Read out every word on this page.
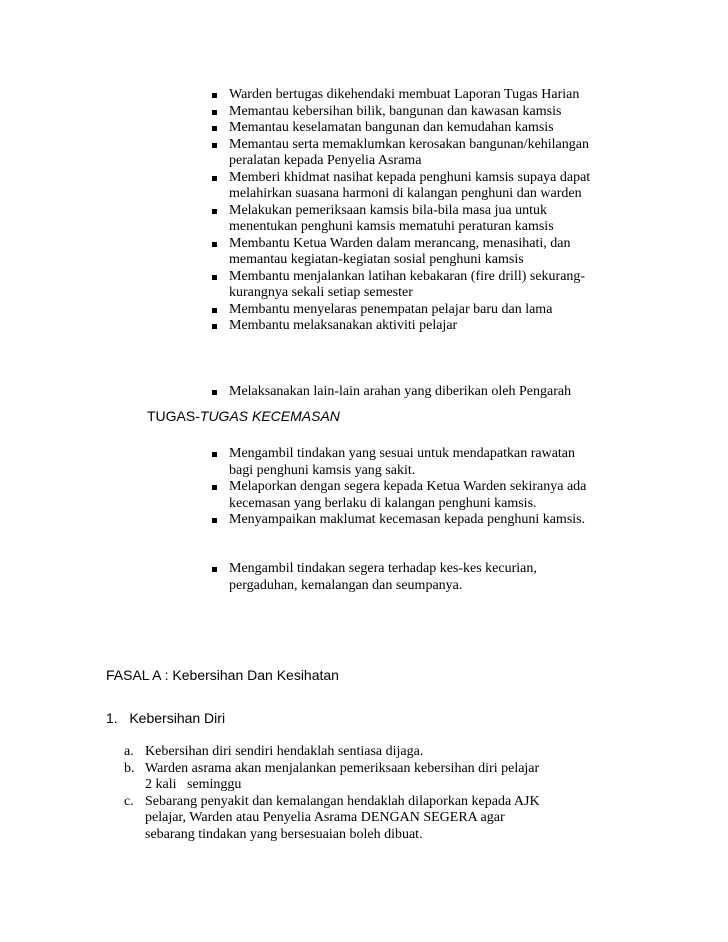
Warden bertugas dikehendaki membuat Laporan Tugas Harian
Memantau kebersihan bilik, bangunan dan kawasan kamsis
Memantau keselamatan bangunan dan kemudahan kamsis
Memantau serta memaklumkan kerosakan bangunan/kehilangan peralatan kepada Penyelia Asrama
Memberi khidmat nasihat kepada penghuni kamsis supaya dapat melahirkan suasana harmoni di kalangan penghuni dan warden
Melakukan pemeriksaan kamsis bila-bila masa jua untuk menentukan penghuni kamsis mematuhi peraturan kamsis
Membantu Ketua Warden dalam merancang, menasihati, dan memantau kegiatan-kegiatan sosial penghuni kamsis
Membantu menjalankan latihan kebakaran (fire drill) sekurang-kurangnya sekali setiap semester
Membantu menyelaras penempatan pelajar baru dan lama
Membantu melaksanakan aktiviti pelajar
Melaksanakan lain-lain arahan yang diberikan oleh Pengarah
TUGAS-TUGAS KECEMASAN
Mengambil tindakan yang sesuai untuk mendapatkan rawatan bagi penghuni kamsis yang sakit.
Melaporkan dengan segera kepada Ketua Warden sekiranya ada kecemasan yang berlaku di kalangan penghuni kamsis.
Menyampaikan maklumat kecemasan kepada penghuni kamsis.
Mengambil tindakan segera terhadap kes-kes kecurian, pergaduhan, kemalangan dan seumpanya.
FASAL A : Kebersihan Dan Kesihatan
1.   Kebersihan Diri
a. Kebersihan diri sendiri hendaklah sentiasa dijaga.
b. Warden asrama akan menjalankan pemeriksaan kebersihan diri pelajar 2 kali   seminggu
c. Sebarang penyakit dan kemalangan hendaklah dilaporkan kepada AJK pelajar, Warden atau Penyelia Asrama DENGAN SEGERA agar sebarang tindakan yang bersesuaian boleh dibuat.
